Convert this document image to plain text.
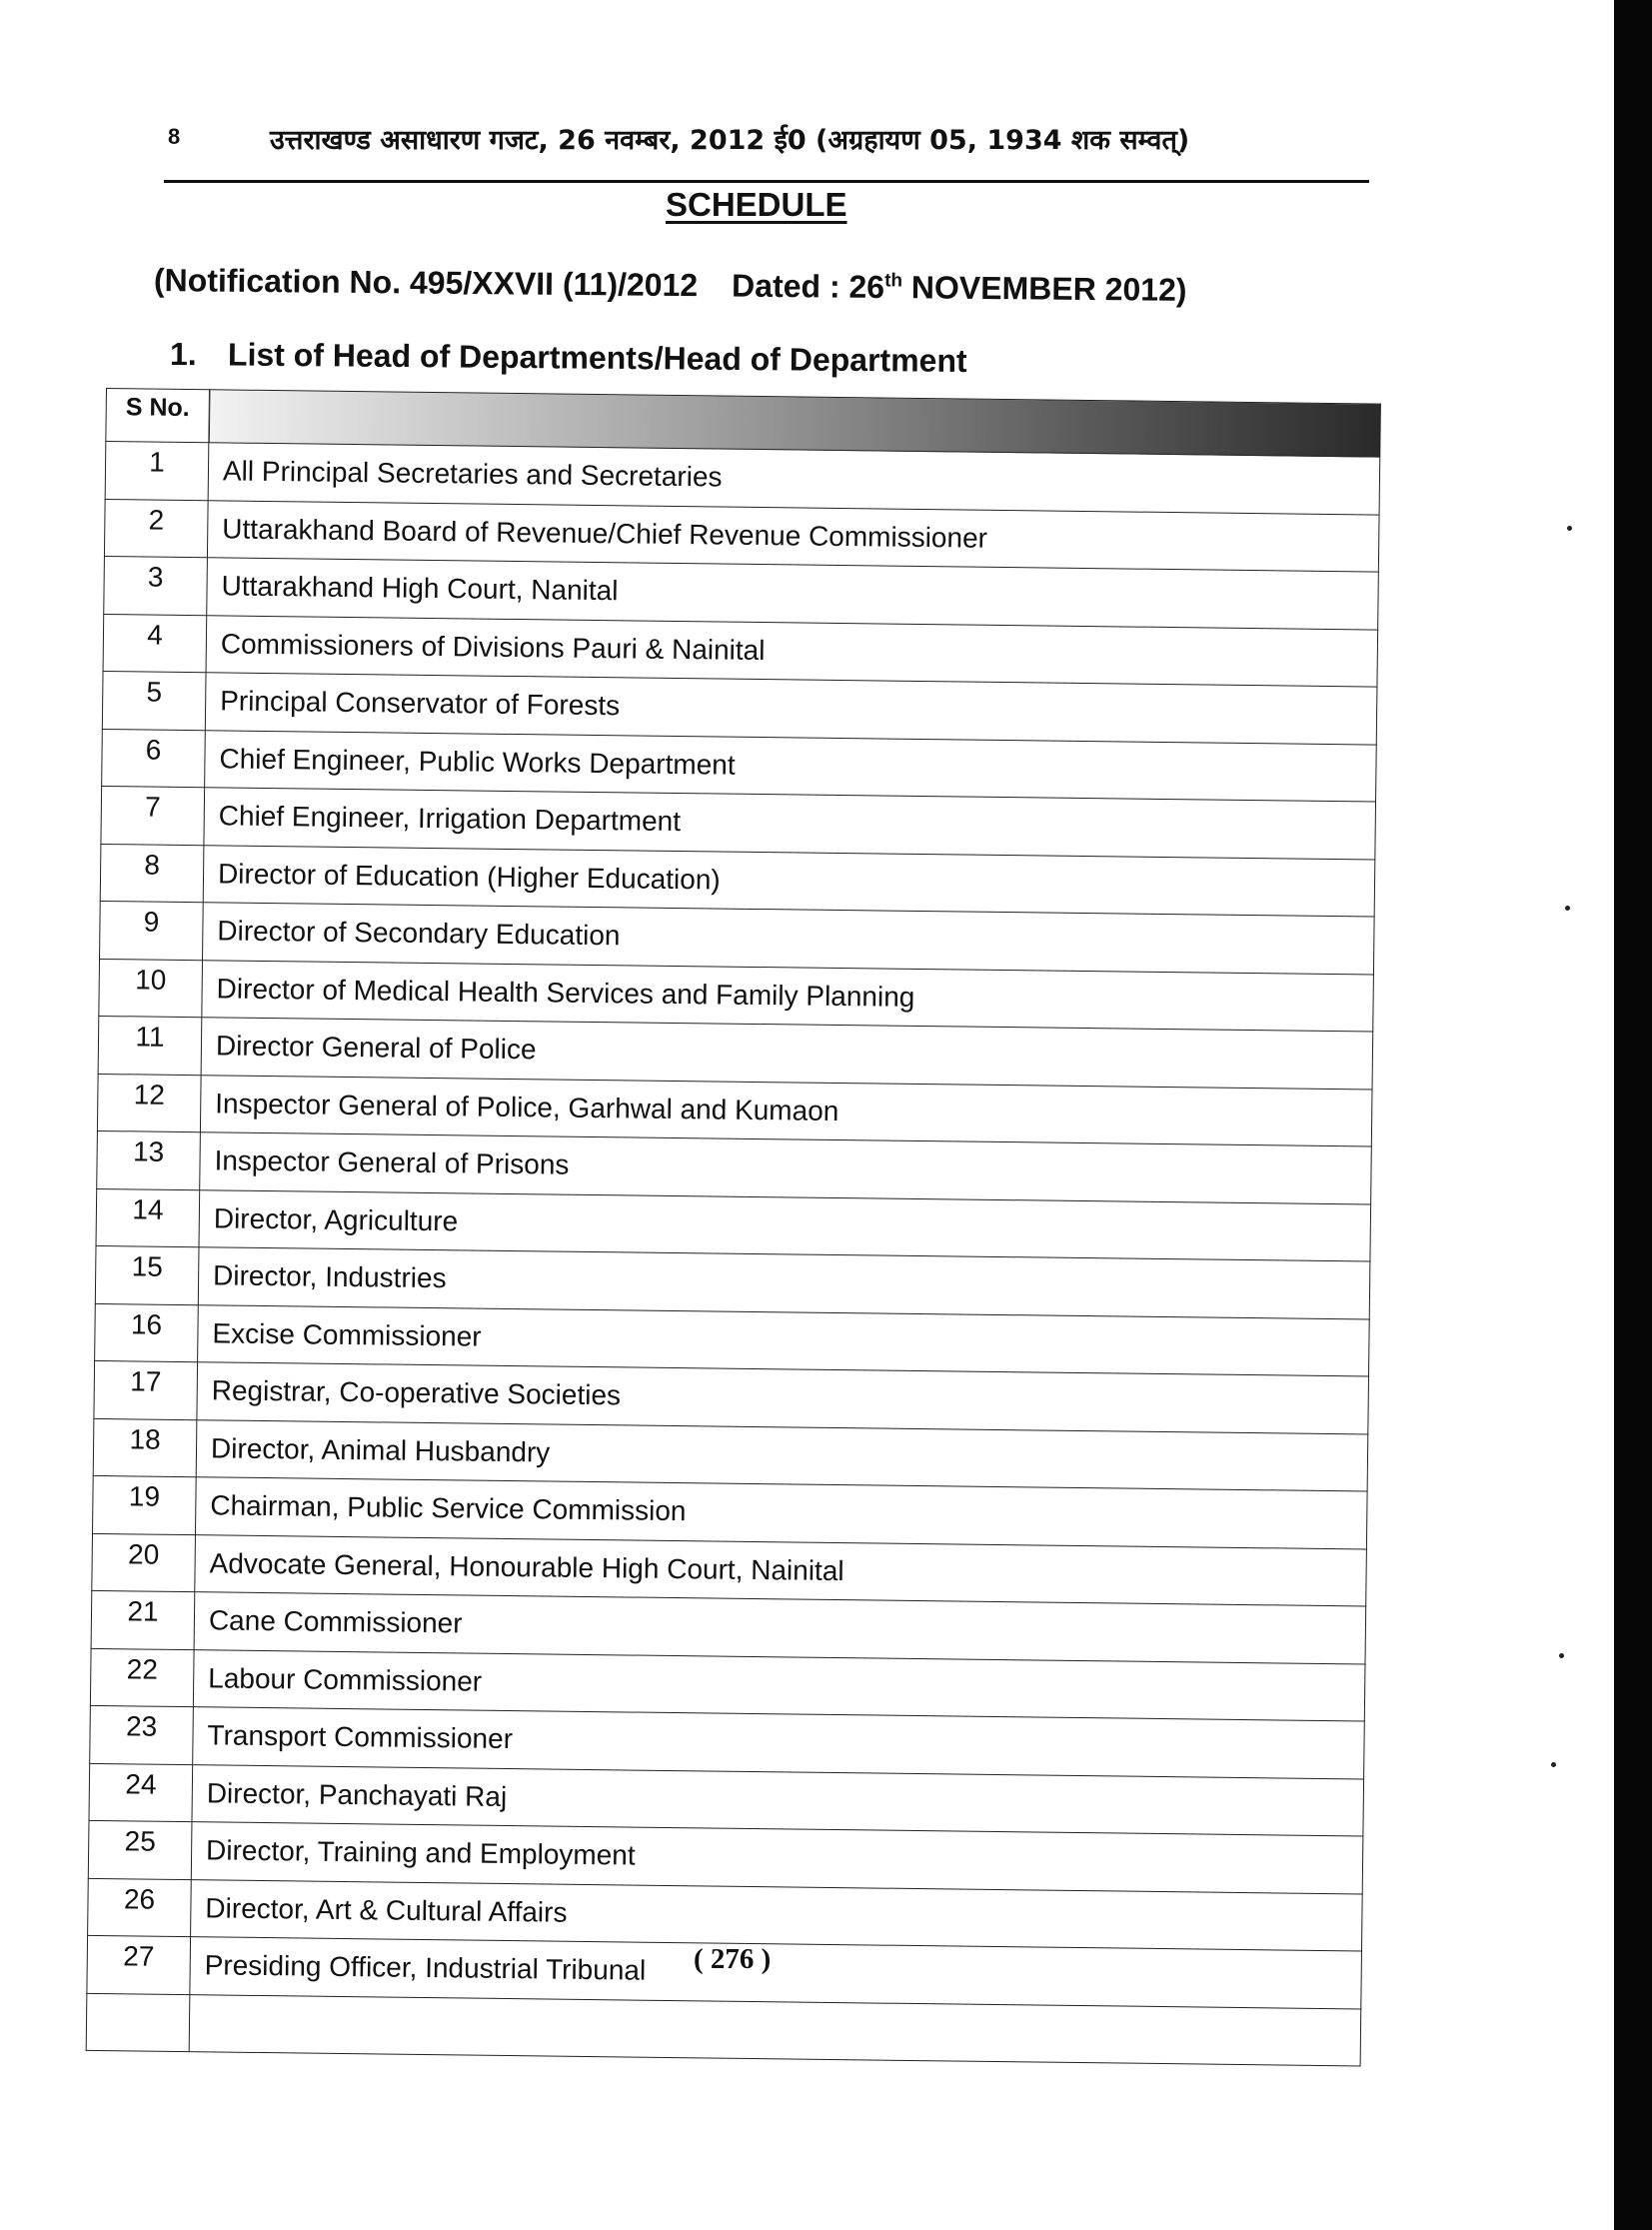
8	उत्तराखण्ड असाधारण गजट, 26 नवम्बर, 2012 ई0 (अग्रहायण 05, 1934 शक सम्वत्)
SCHEDULE
(Notification No. 495/XXVII (11)/2012 Dated : 26th NOVEMBER 2012)
1. List of Head of Departments/Head of Department
S No.	
1	All Principal Secretaries and Secretaries
2	Uttarakhand Board of Revenue/Chief Revenue Commissioner
3	Uttarakhand High Court, Nanital
4	Commissioners of Divisions Pauri & Nainital
5	Principal Conservator of Forests
6	Chief Engineer, Public Works Department
7	Chief Engineer, Irrigation Department
8	Director of Education (Higher Education)
9	Director of Secondary Education
10	Director of Medical Health Services and Family Planning
11	Director General of Police
12	Inspector General of Police, Garhwal and Kumaon
13	Inspector General of Prisons
14	Director, Agriculture
15	Director, Industries
16	Excise Commissioner
17	Registrar, Co-operative Societies
18	Director, Animal Husbandry
19	Chairman, Public Service Commission
20	Advocate General, Honourable High Court, Nainital
21	Cane Commissioner
22	Labour Commissioner
23	Transport Commissioner
24	Director, Panchayati Raj
25	Director, Training and Employment
26	Director, Art & Cultural Affairs
27	Presiding Officer, Industrial Tribunal
	( 276 )
